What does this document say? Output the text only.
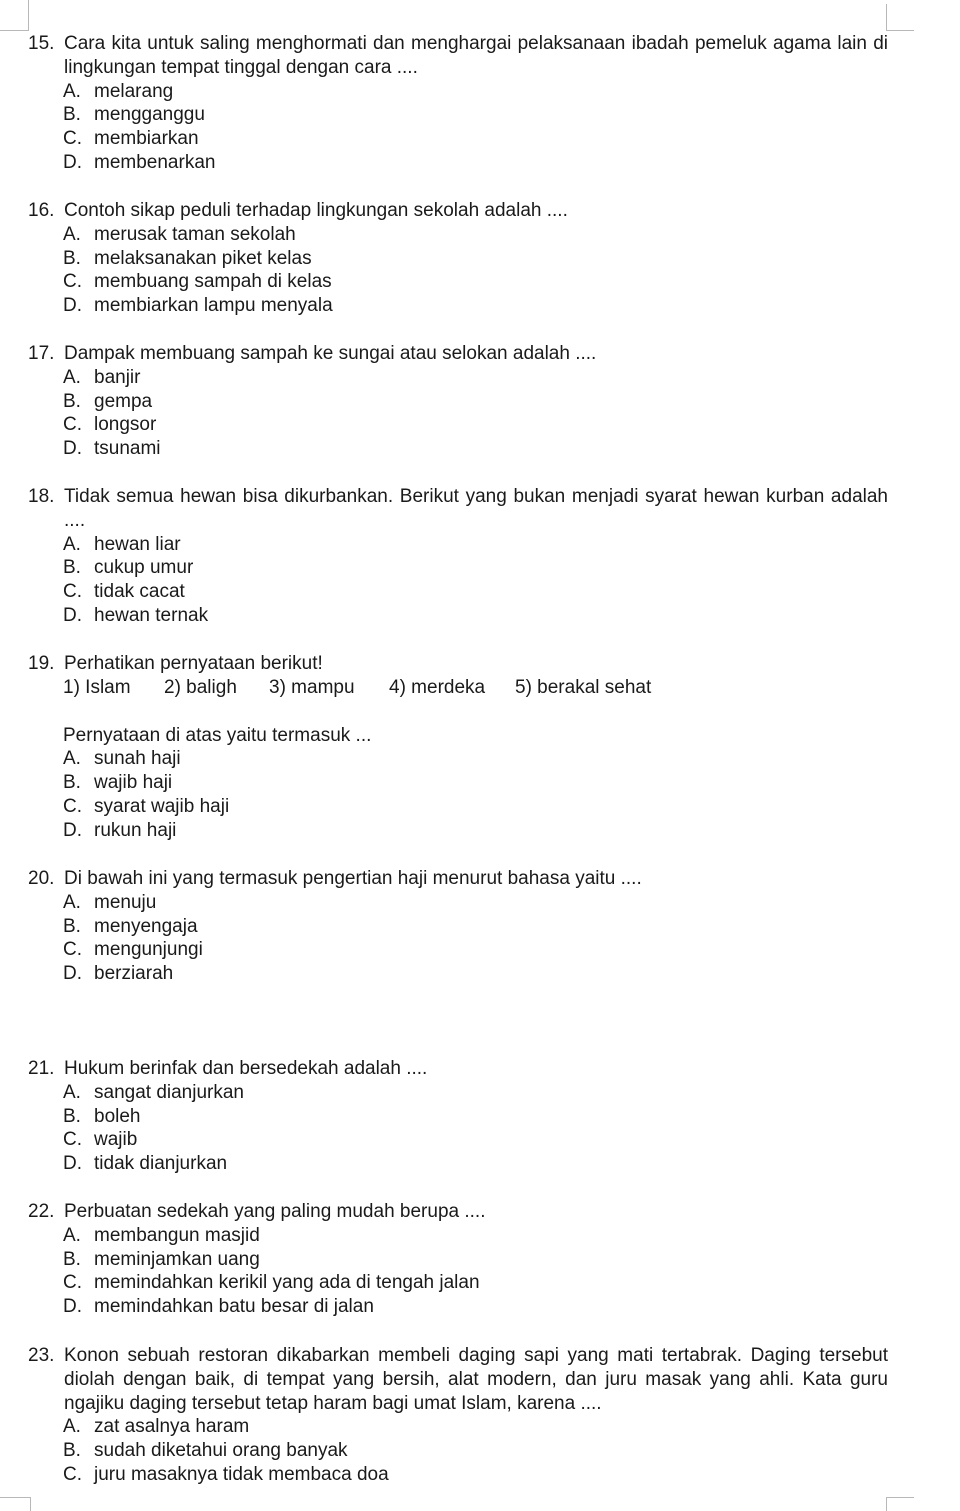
15. Cara kita untuk saling menghormati dan menghargai pelaksanaan ibadah pemeluk agama lain di lingkungan tempat tinggal dengan cara ....
A. melarang
B. mengganggu
C. membiarkan
D. membenarkan
16. Contoh sikap peduli terhadap lingkungan sekolah adalah ....
A. merusak taman sekolah
B. melaksanakan piket kelas
C. membuang sampah di kelas
D. membiarkan lampu menyala
17. Dampak membuang sampah ke sungai atau selokan adalah ....
A. banjir
B. gempa
C. longsor
D. tsunami
18. Tidak semua hewan bisa dikurbankan. Berikut yang bukan menjadi syarat hewan kurban adalah ....
A. hewan liar
B. cukup umur
C. tidak cacat
D. hewan ternak
19. Perhatikan pernyataan berikut!
1) Islam 2) baligh 3) mampu 4) merdeka 5) berakal sehat
Pernyataan di atas yaitu termasuk ...
A. sunah haji
B. wajib haji
C. syarat wajib haji
D. rukun haji
20. Di bawah ini yang termasuk pengertian haji menurut bahasa yaitu ....
A. menuju
B. menyengaja
C. mengunjungi
D. berziarah
21. Hukum berinfak dan bersedekah adalah ....
A. sangat dianjurkan
B. boleh
C. wajib
D. tidak dianjurkan
22. Perbuatan sedekah yang paling mudah berupa ....
A. membangun masjid
B. meminjamkan uang
C. memindahkan kerikil yang ada di tengah jalan
D. memindahkan batu besar di jalan
23. Konon sebuah restoran dikabarkan membeli daging sapi yang mati tertabrak. Daging tersebut diolah dengan baik, di tempat yang bersih, alat modern, dan juru masak yang ahli. Kata guru ngajiku daging tersebut tetap haram bagi umat Islam, karena ....
A. zat asalnya haram
B. sudah diketahui orang banyak
C. juru masaknya tidak membaca doa
